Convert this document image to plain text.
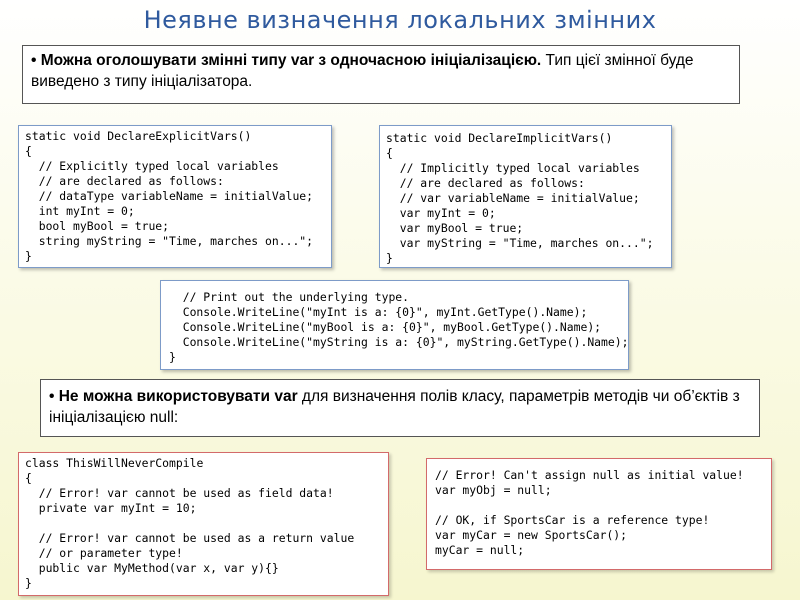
Неявне визначення локальних змінних
• Можна оголошувати змінні типу var з одночасною ініціалізацією. Тип цієї змінної буде виведено з типу ініціалізатора.
static void DeclareExplicitVars()
{
// Explicitly typed local variables
// are declared as follows:
// dataType variableName = initialValue;
int myInt = 0;
bool myBool = true;
string myString = "Time, marches on...";
}
static void DeclareImplicitVars()
{
// Implicitly typed local variables
// are declared as follows:
// var variableName = initialValue;
var myInt = 0;
var myBool = true;
var myString = "Time, marches on...";
}
// Print out the underlying type.
Console.WriteLine("myInt is a: {0}", myInt.GetType().Name);
Console.WriteLine("myBool is a: {0}", myBool.GetType().Name);
Console.WriteLine("myString is a: {0}", myString.GetType().Name);
}
• Не можна використовувати var для визначення полів класу, параметрів методів чи об’єктів з ініціалізацією null:
class ThisWillNeverCompile
{
// Error! var cannot be used as field data!
private var myInt = 10;
// Error! var cannot be used as a return value
// or parameter type!
public var MyMethod(var x, var y){}
}
// Error! Can't assign null as initial value!
var myObj = null;
// OK, if SportsCar is a reference type!
var myCar = new SportsCar();
myCar = null;
